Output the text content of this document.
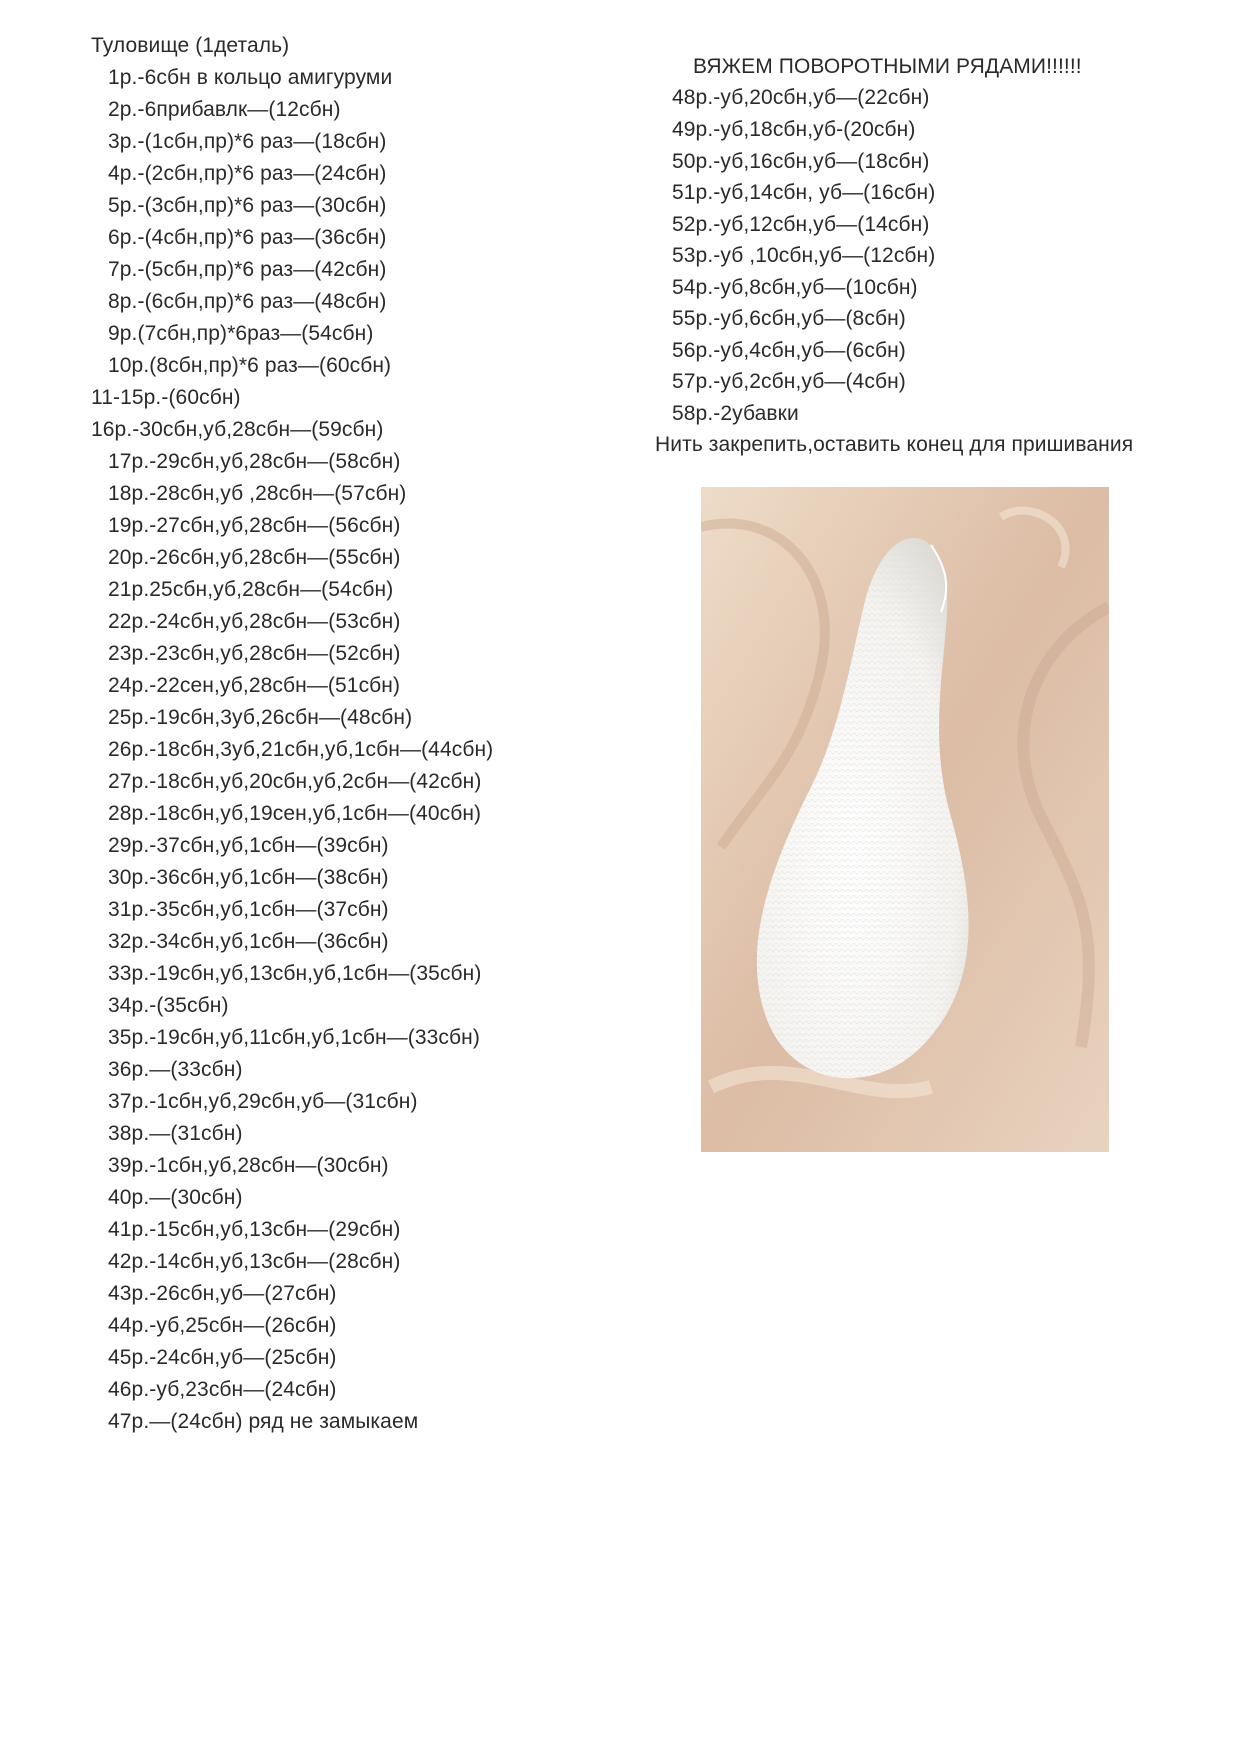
Туловище (1деталь)
1р.-6сбн в кольцо амигуруми
2р.-6прибавлк—(12сбн)
3р.-(1сбн,пр)*6 раз—(18сбн)
4р.-(2сбн,пр)*6 раз—(24сбн)
5р.-(3сбн,пр)*6 раз—(30сбн)
6р.-(4сбн,пр)*6 раз—(36сбн)
7р.-(5сбн,пр)*6 раз—(42сбн)
8р.-(6сбн,пр)*6 раз—(48сбн)
9р.(7сбн,пр)*6раз—(54сбн)
10р.(8сбн,пр)*6 раз—(60сбн)
11-15р.-(60сбн)
16р.-30сбн,уб,28сбн—(59сбн)
17р.-29сбн,уб,28сбн—(58сбн)
18р.-28сбн,уб ,28сбн—(57сбн)
19р.-27сбн,уб,28сбн—(56сбн)
20р.-26сбн,уб,28сбн—(55сбн)
21р.25сбн,уб,28сбн—(54сбн)
22р.-24сбн,уб,28сбн—(53сбн)
23р.-23сбн,уб,28сбн—(52сбн)
24р.-22сен,уб,28сбн—(51сбн)
25р.-19сбн,3уб,26сбн—(48сбн)
26р.-18сбн,3уб,21сбн,уб,1сбн—(44сбн)
27р.-18сбн,уб,20сбн,уб,2сбн—(42сбн)
28р.-18сбн,уб,19сен,уб,1сбн—(40сбн)
29р.-37сбн,уб,1сбн—(39сбн)
30р.-36сбн,уб,1сбн—(38сбн)
31р.-35сбн,уб,1сбн—(37сбн)
32р.-34сбн,уб,1сбн—(36сбн)
33р.-19сбн,уб,13сбн,уб,1сбн—(35сбн)
34р.-(35сбн)
35р.-19сбн,уб,11сбн,уб,1сбн—(33сбн)
36р.—(33сбн)
37р.-1сбн,уб,29сбн,уб—(31сбн)
38р.—(31сбн)
39р.-1сбн,уб,28сбн—(30сбн)
40р.—(30сбн)
41р.-15сбн,уб,13сбн—(29сбн)
42р.-14сбн,уб,13сбн—(28сбн)
43р.-26сбн,уб—(27сбн)
44р.-уб,25сбн—(26сбн)
45р.-24сбн,уб—(25сбн)
46р.-уб,23сбн—(24сбн)
47р.—(24сбн) ряд не замыкаем
ВЯЖЕМ ПОВОРОТНЫМИ РЯДАМИ!!!!!!
48р.-уб,20сбн,уб—(22сбн)
49р.-уб,18сбн,уб-(20сбн)
50р.-уб,16сбн,уб—(18сбн)
51р.-уб,14сбн, уб—(16сбн)
52р.-уб,12сбн,уб—(14сбн)
53р.-уб ,10сбн,уб—(12сбн)
54р.-уб,8сбн,уб—(10сбн)
55р.-уб,6сбн,уб—(8сбн)
56р.-уб,4сбн,уб—(6сбн)
57р.-уб,2сбн,уб—(4сбн)
58р.-2убавки
Нить закрепить,оставить конец для пришивания
